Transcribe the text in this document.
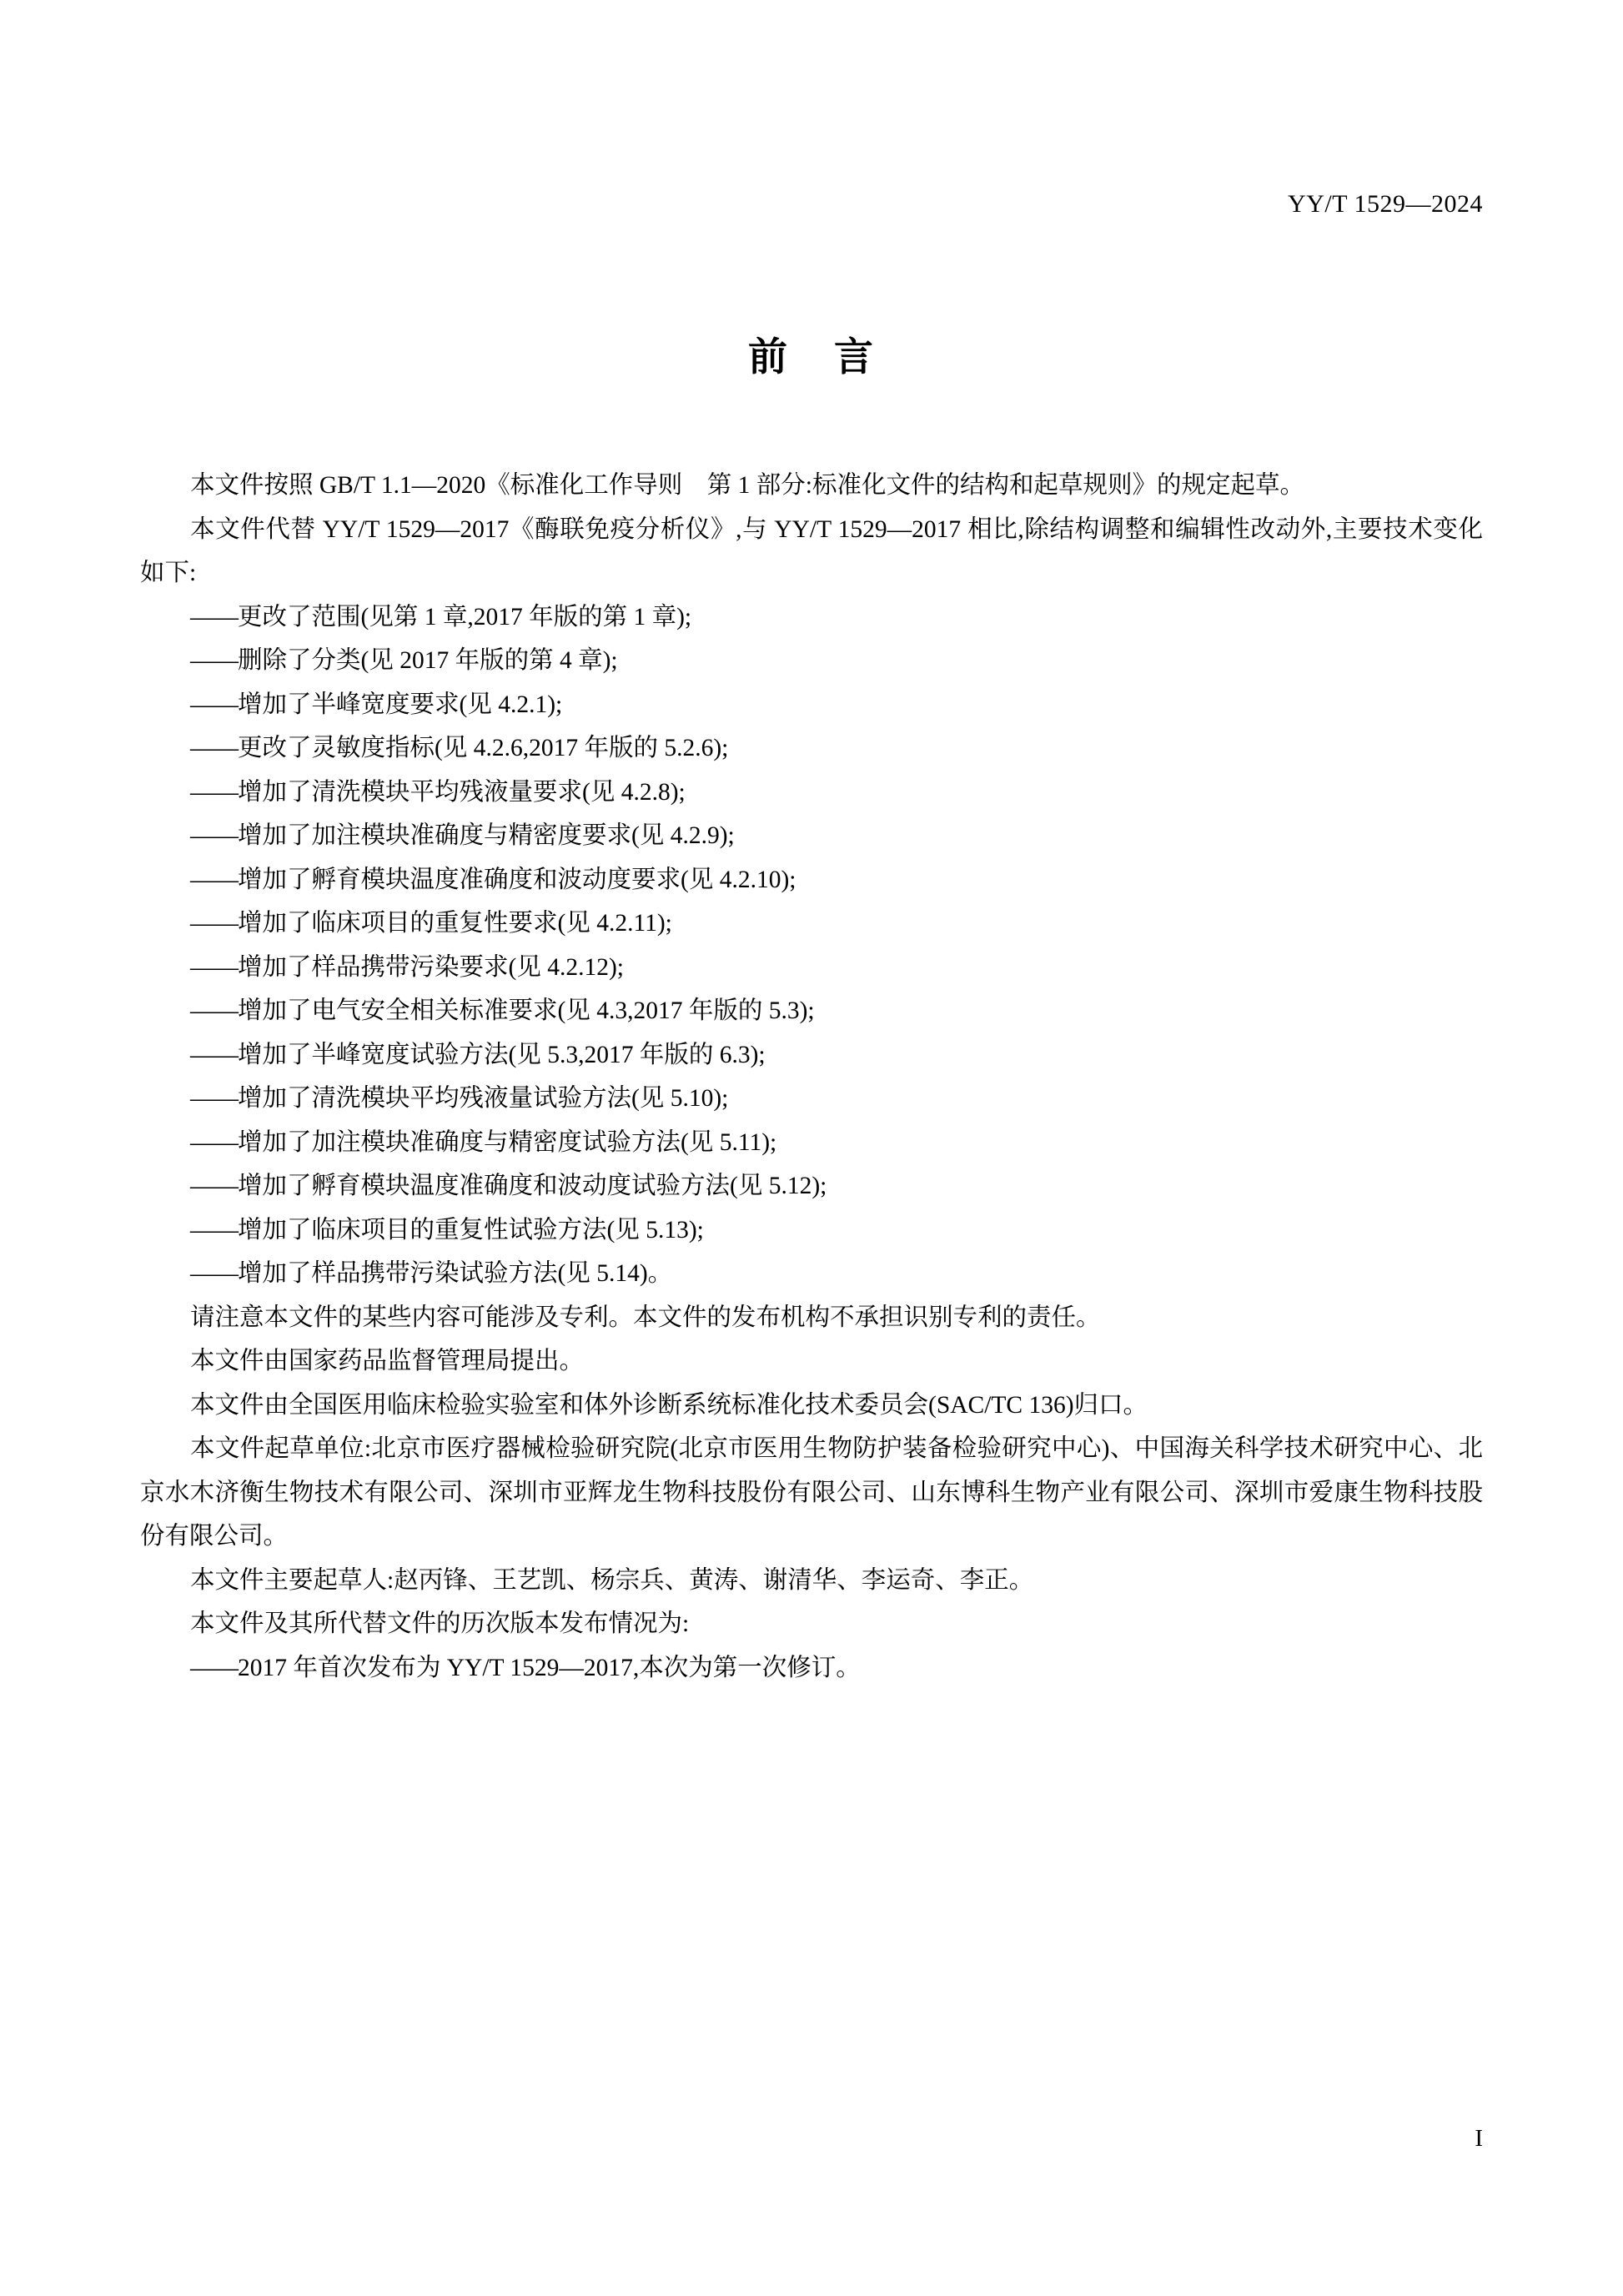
YY/T 1529—2024
前 言

本文件按照 GB/T 1.1—2020《标准化工作导则　第 1 部分:标准化文件的结构和起草规则》的规定起草。

本文件代替 YY/T 1529—2017《酶联免疫分析仪》,与 YY/T 1529—2017 相比,除结构调整和编辑性改动外,主要技术变化如下:

——更改了范围(见第 1 章,2017 年版的第 1 章);

——删除了分类(见 2017 年版的第 4 章);

——增加了半峰宽度要求(见 4.2.1);

——更改了灵敏度指标(见 4.2.6,2017 年版的 5.2.6);

——增加了清洗模块平均残液量要求(见 4.2.8);

——增加了加注模块准确度与精密度要求(见 4.2.9);

——增加了孵育模块温度准确度和波动度要求(见 4.2.10);

——增加了临床项目的重复性要求(见 4.2.11);

——增加了样品携带污染要求(见 4.2.12);

——增加了电气安全相关标准要求(见 4.3,2017 年版的 5.3);

——增加了半峰宽度试验方法(见 5.3,2017 年版的 6.3);

——增加了清洗模块平均残液量试验方法(见 5.10);

——增加了加注模块准确度与精密度试验方法(见 5.11);

——增加了孵育模块温度准确度和波动度试验方法(见 5.12);

——增加了临床项目的重复性试验方法(见 5.13);

——增加了样品携带污染试验方法(见 5.14)。

请注意本文件的某些内容可能涉及专利。本文件的发布机构不承担识别专利的责任。

本文件由国家药品监督管理局提出。

本文件由全国医用临床检验实验室和体外诊断系统标准化技术委员会(SAC/TC 136)归口。

本文件起草单位:北京市医疗器械检验研究院(北京市医用生物防护装备检验研究中心)、中国海关科学技术研究中心、北京水木济衡生物技术有限公司、深圳市亚辉龙生物科技股份有限公司、山东博科生物产业有限公司、深圳市爱康生物科技股份有限公司。

本文件主要起草人:赵丙锋、王艺凯、杨宗兵、黄涛、谢清华、李运奇、李正。

本文件及其所代替文件的历次版本发布情况为:

——2017 年首次发布为 YY/T 1529—2017,本次为第一次修订。

I
